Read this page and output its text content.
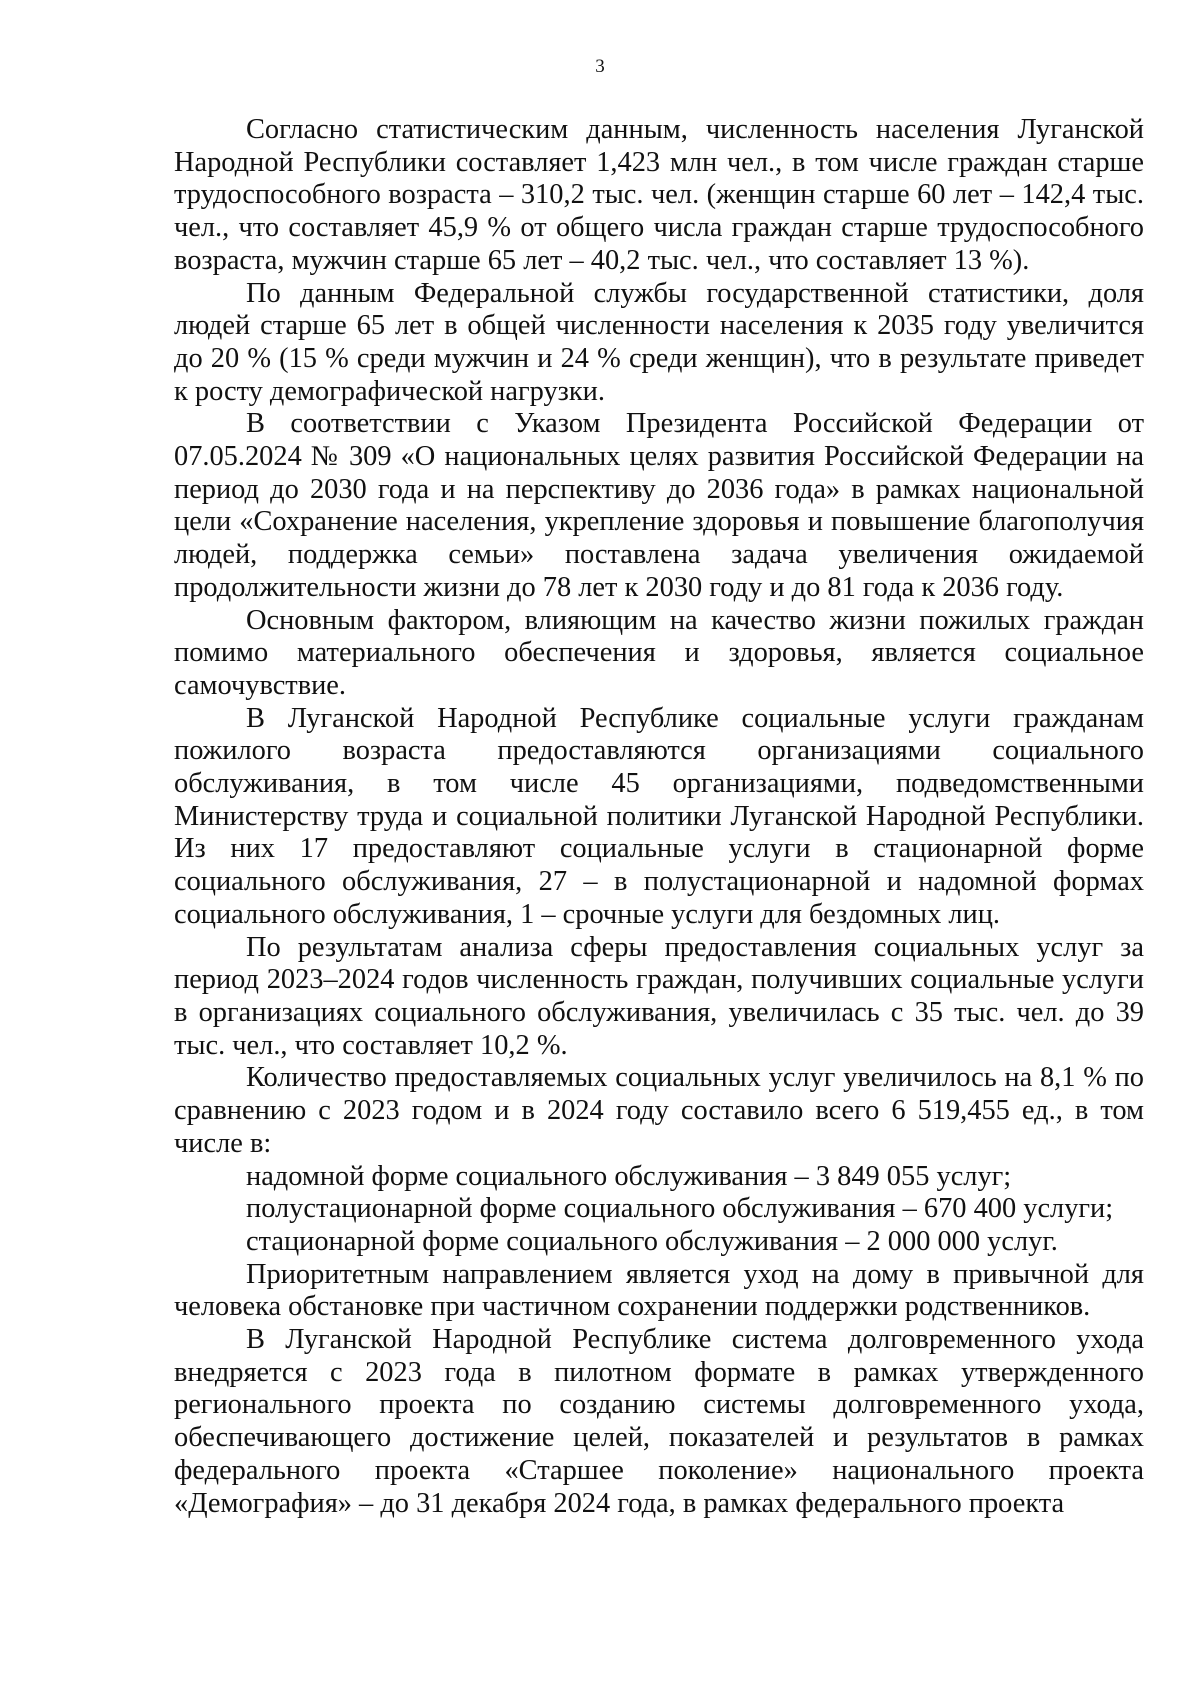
3

Согласно статистическим данным, численность населения Луганской Народной Республики составляет 1,423 млн чел., в том числе граждан старше трудоспособного возраста – 310,2 тыс. чел. (женщин старше 60 лет – 142,4 тыс. чел., что составляет 45,9 % от общего числа граждан старше трудоспособного возраста, мужчин старше 65 лет – 40,2 тыс. чел., что составляет 13 %).

По данным Федеральной службы государственной статистики, доля людей старше 65 лет в общей численности населения к 2035 году увеличится до 20 % (15 % среди мужчин и 24 % среди женщин), что в результате приведет к росту демографической нагрузки.

В соответствии с Указом Президента Российской Федерации от 07.05.2024 № 309 «О национальных целях развития Российской Федерации на период до 2030 года и на перспективу до 2036 года» в рамках национальной цели «Сохранение населения, укрепление здоровья и повышение благополучия людей, поддержка семьи» поставлена задача увеличения ожидаемой продолжительности жизни до 78 лет к 2030 году и до 81 года к 2036 году.

Основным фактором, влияющим на качество жизни пожилых граждан помимо материального обеспечения и здоровья, является социальное самочувствие.

В Луганской Народной Республике социальные услуги гражданам пожилого возраста предоставляются организациями социального обслуживания, в том числе 45 организациями, подведомственными Министерству труда и социальной политики Луганской Народной Республики. Из них 17 предоставляют социальные услуги в стационарной форме социального обслуживания, 27 – в полустационарной и надомной формах социального обслуживания, 1 – срочные услуги для бездомных лиц.

По результатам анализа сферы предоставления социальных услуг за период 2023–2024 годов численность граждан, получивших социальные услуги в организациях социального обслуживания, увеличилась с 35 тыс. чел. до 39 тыс. чел., что составляет 10,2 %.

Количество предоставляемых социальных услуг увеличилось на 8,1 % по сравнению с 2023 годом и в 2024 году составило всего 6 519,455 ед., в том числе в:

надомной форме социального обслуживания – 3 849 055 услуг;

полустационарной форме социального обслуживания – 670 400 услуги;

стационарной форме социального обслуживания – 2 000 000 услуг.

Приоритетным направлением является уход на дому в привычной для человека обстановке при частичном сохранении поддержки родственников.

В Луганской Народной Республике система долговременного ухода внедряется с 2023 года в пилотном формате в рамках утвержденного регионального проекта по созданию системы долговременного ухода, обеспечивающего достижение целей, показателей и результатов в рамках федерального проекта «Старшее поколение» национального проекта «Демография» – до 31 декабря 2024 года, в рамках федерального проекта
